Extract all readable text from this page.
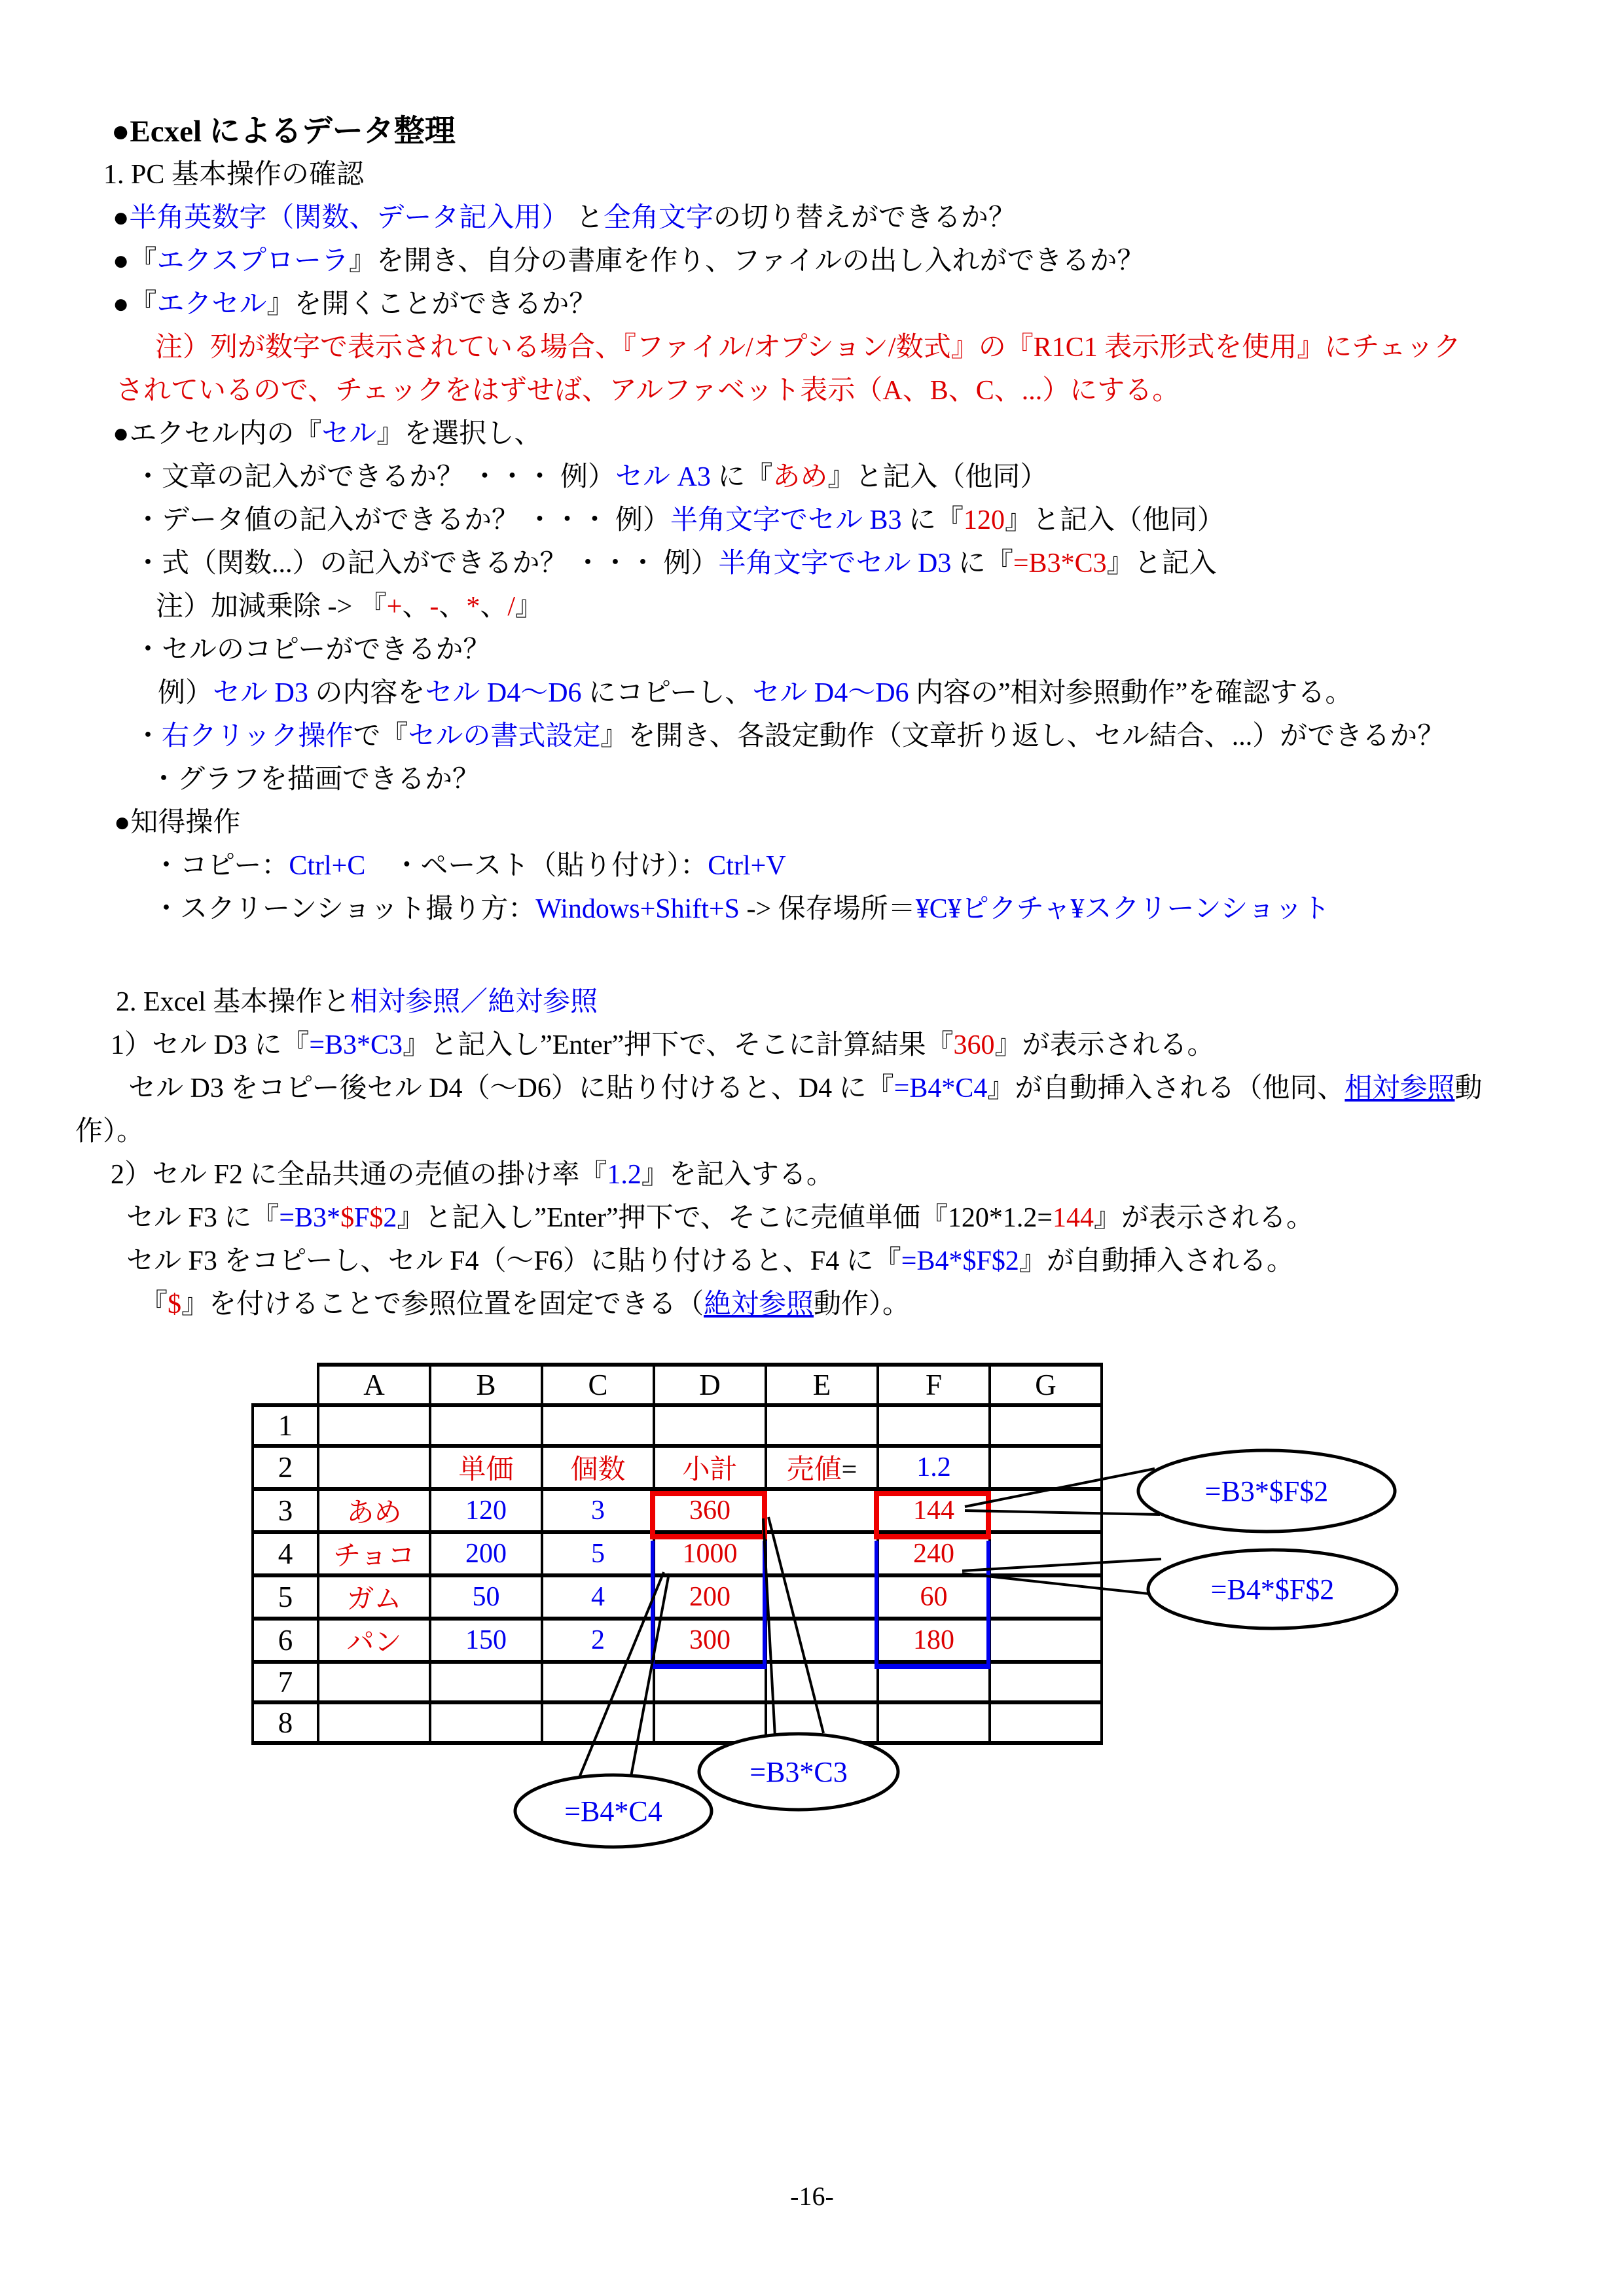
●Ecxel によるデータ整理
1. PC 基本操作の確認
●半角英数字（関数、データ記入用） と全角文字の切り替えができるか？
●『エクスプローラ』を開き、自分の書庫を作り、ファイルの出し入れができるか？
●『エクセル』を開くことができるか？
注）列が数字で表示されている場合、『ファイル/オプション/数式』の『R1C1 表示形式を使用』にチェック
されているので、チェックをはずせば、アルファベット表示（A、B、C、...）にする。
●エクセル内の『セル』を選択し、
・文章の記入ができるか？ ・・・ 例）セル A3 に『あめ』と記入（他同）
・データ値の記入ができるか？ ・・・ 例）半角文字でセル B3 に『120』と記入（他同）
・式（関数...）の記入ができるか？ ・・・ 例）半角文字でセル D3 に『=B3*C3』と記入
注）加減乗除 -> 『+、-、*、/』
・セルのコピーができるか？
例）セル D3 の内容をセル D4〜D6 にコピーし、セル D4〜D6 内容の”相対参照動作”を確認する。
・右クリック操作で『セルの書式設定』を開き、各設定動作（文章折り返し、セル結合、...）ができるか？
・グラフを描画できるか？
●知得操作
・コピー：Ctrl+C　・ペースト（貼り付け）：Ctrl+V
・スクリーンショット撮り方：Windows+Shift+S -> 保存場所＝¥C¥ピクチャ¥スクリーンショット
2. Excel 基本操作と相対参照／絶対参照
1）セル D3 に『=B3*C3』と記入し”Enter”押下で、そこに計算結果『360』が表示される。
セル D3 をコピー後セル D4（〜D6）に貼り付けると、D4 に『=B4*C4』が自動挿入される（他同、相対参照動
作）。
2）セル F2 に全品共通の売値の掛け率『1.2』を記入する。
セル F3 に『=B3*$F$2』と記入し”Enter”押下で、そこに売値単価『120*1.2=144』が表示される。
セル F3 をコピーし、セル F4（〜F6）に貼り付けると、F4 に『=B4*$F$2』が自動挿入される。
『$』を付けることで参照位置を固定できる（絶対参照動作）。
	A	B	C	D	E	F	G
1							
2		単価	個数	小計	売値=	1.2	
3	あめ	120	3	360		144	
4	チョコ	200	5	1000		240	
5	ガム	50	4	200		60	
6	パン	150	2	300		180	
7							
8							
=B3*$F$2
=B4*$F$2
=B3*C3
=B4*C4
-16-
